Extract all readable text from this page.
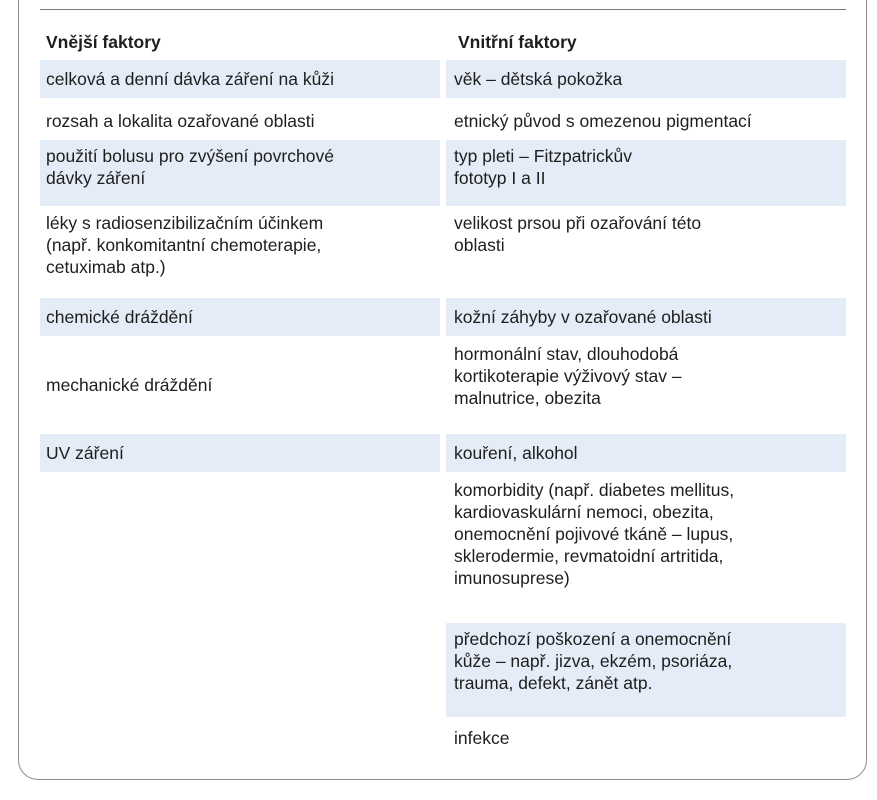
Vnější faktory	Vnitřní faktory
celková a denní dávka záření na kůži
rozsah a lokalita ozařované oblasti
použití bolusu pro zvýšení povrchové
dávky záření
léky s radiosenzibilizačním účinkem
(např. konkomitantní chemoterapie,
cetuximab atp.)
chemické dráždění
mechanické dráždění
UV záření
věk – dětská pokožka
etnický původ s omezenou pigmentací
typ pleti – Fitzpatrickův
fototyp I a II
velikost prsou při ozařování této
oblasti
kožní záhyby v ozařované oblasti
hormonální stav, dlouhodobá
kortikoterapie výživový stav –
malnutrice, obezita
kouření, alkohol
komorbidity (např. diabetes mellitus,
kardiovaskulární nemoci, obezita,
onemocnění pojivové tkáně – lupus,
sklerodermie, revmatoidní artritida,
imunosuprese)
předchozí poškození a onemocnění
kůže – např. jizva, ekzém, psoriáza,
trauma, defekt, zánět atp.
infekce
